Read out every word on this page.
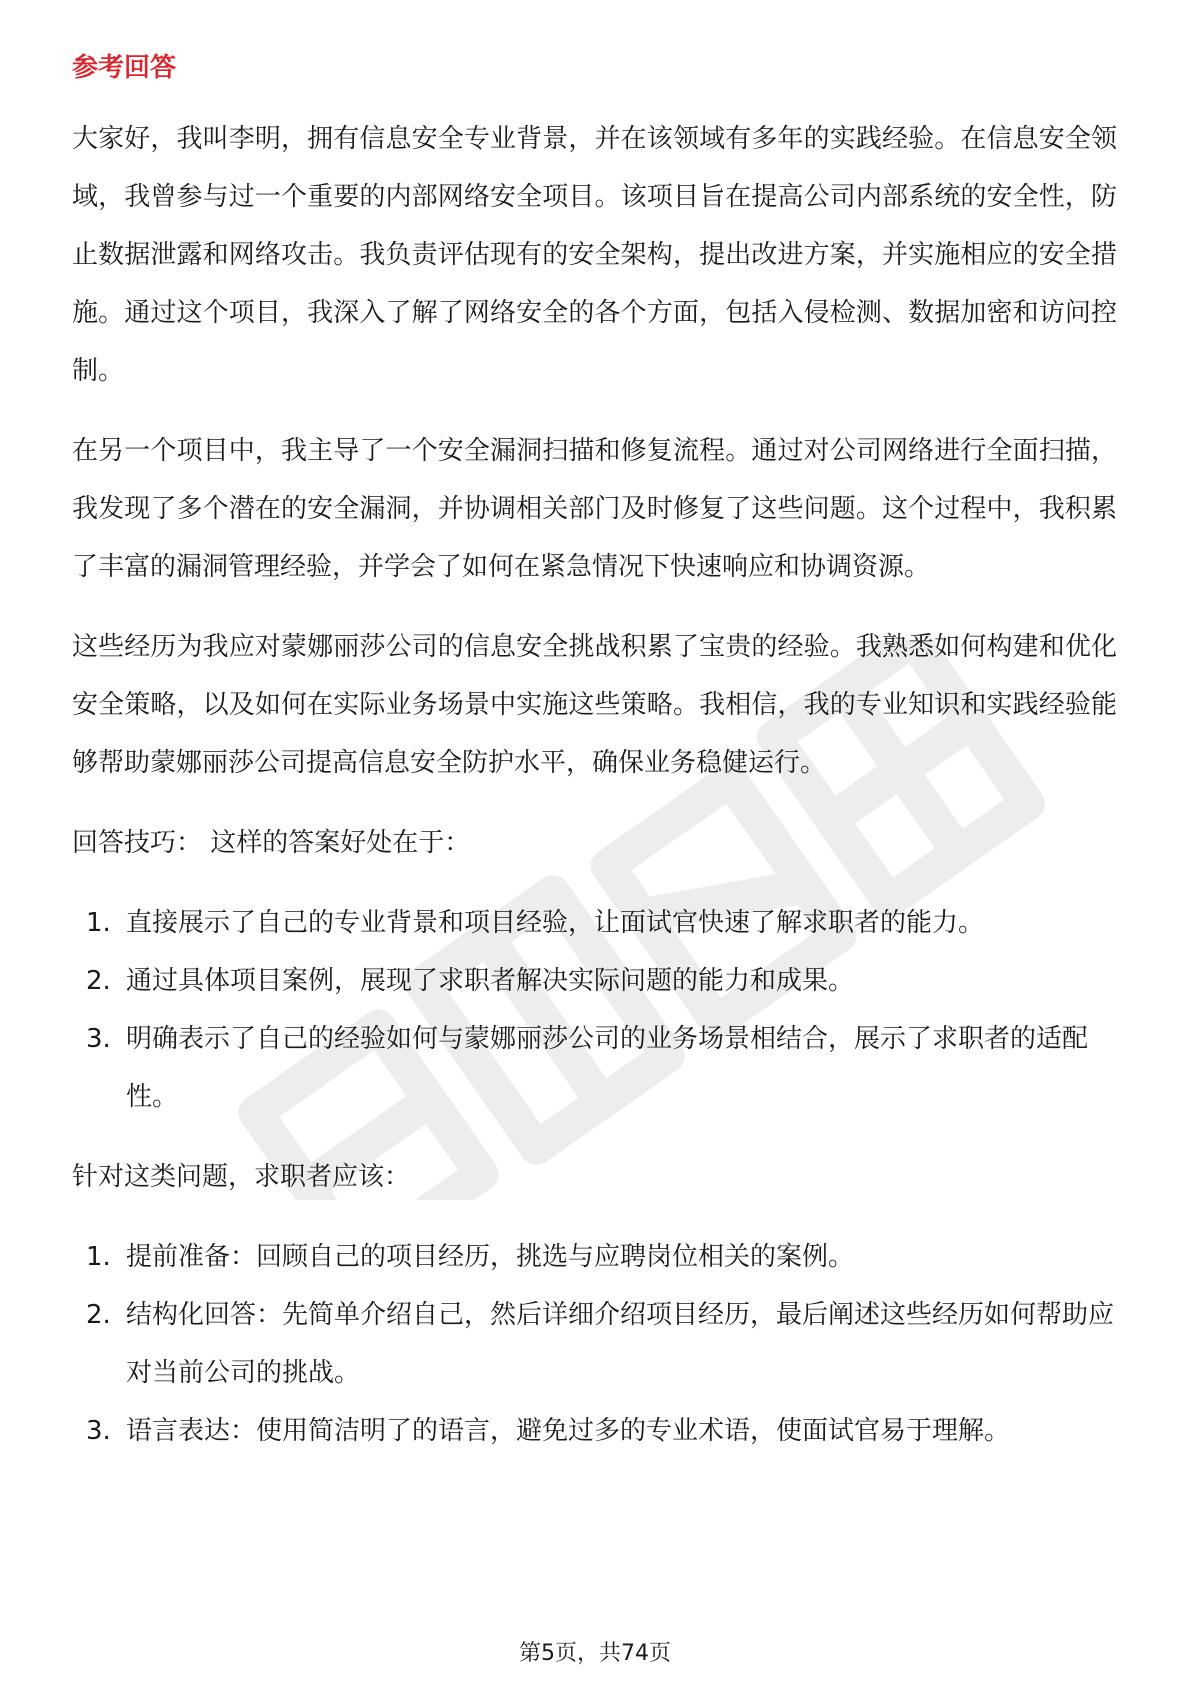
参考回答

大家好，我叫李明，拥有信息安全专业背景，并在该领域有多年的实践经验。在信息安全领域，我曾参与过一个重要的内部网络安全项目。该项目旨在提高公司内部系统的安全性，防止数据泄露和网络攻击。我负责评估现有的安全架构，提出改进方案，并实施相应的安全措施。通过这个项目，我深入了解了网络安全的各个方面，包括入侵检测、数据加密和访问控制。

在另一个项目中，我主导了一个安全漏洞扫描和修复流程。通过对公司网络进行全面扫描，我发现了多个潜在的安全漏洞，并协调相关部门及时修复了这些问题。这个过程中，我积累了丰富的漏洞管理经验，并学会了如何在紧急情况下快速响应和协调资源。

这些经历为我应对蒙娜丽莎公司的信息安全挑战积累了宝贵的经验。我熟悉如何构建和优化安全策略，以及如何在实际业务场景中实施这些策略。我相信，我的专业知识和实践经验能够帮助蒙娜丽莎公司提高信息安全防护水平，确保业务稳健运行。

回答技巧： 这样的答案好处在于：
1. 直接展示了自己的专业背景和项目经验，让面试官快速了解求职者的能力。
2. 通过具体项目案例，展现了求职者解决实际问题的能力和成果。
3. 明确表示了自己的经验如何与蒙娜丽莎公司的业务场景相结合，展示了求职者的适配性。
针对这类问题，求职者应该：
1. 提前准备：回顾自己的项目经历，挑选与应聘岗位相关的案例。
2. 结构化回答：先简单介绍自己，然后详细介绍项目经历，最后阐述这些经历如何帮助应对当前公司的挑战。
3. 语言表达：使用简洁明了的语言，避免过多的专业术语，使面试官易于理解。
第5页，共74页
